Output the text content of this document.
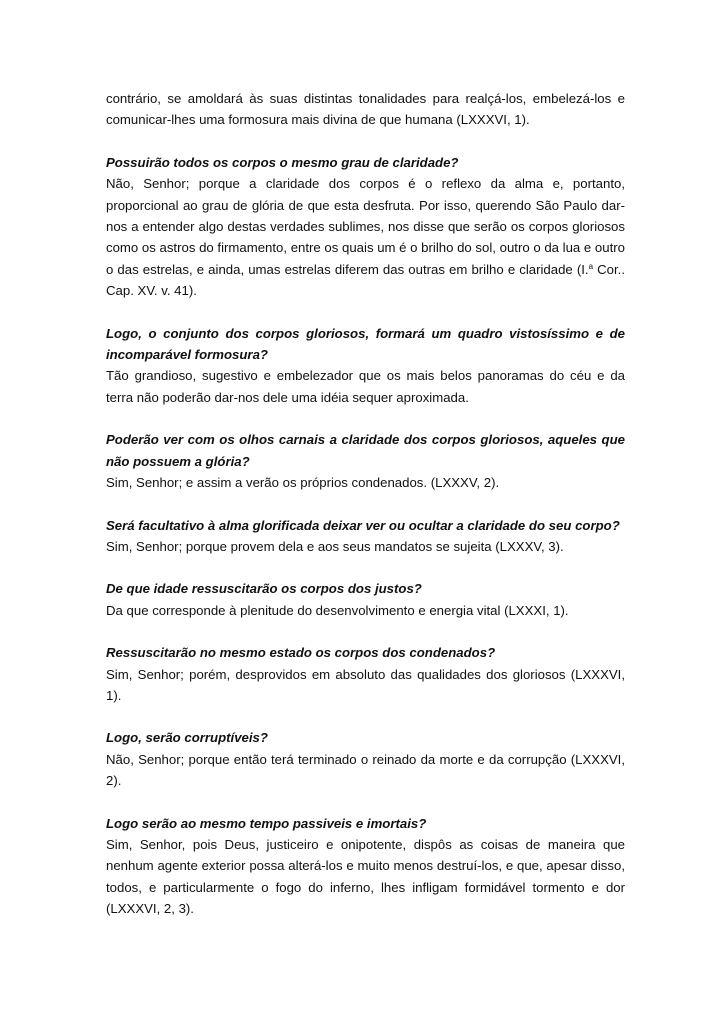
contrário, se amoldará às suas distintas tonalidades para realçá-los, embelezá-los e comunicar-lhes uma formosura mais divina de que humana (LXXXVI, 1).

Possuirão todos os corpos o mesmo grau de claridade?

Não, Senhor; porque a claridade dos corpos é o reflexo da alma e, portanto, proporcional ao grau de glória de que esta desfruta. Por isso, querendo São Paulo dar-nos a entender algo destas verdades sublimes, nos disse que serão os corpos gloriosos como os astros do firmamento, entre os quais um é o brilho do sol, outro o da lua e outro o das estrelas, e ainda, umas estrelas diferem das outras em brilho e claridade (I.$^a$ Cor.. Cap. XV. v. 41).

Logo, o conjunto dos corpos gloriosos, formará um quadro vistosíssimo e de incomparável formosura?

Tão grandioso, sugestivo e embelezador que os mais belos panoramas do céu e da terra não poderão dar-nos dele uma idéia sequer aproximada.

Poderão ver com os olhos carnais a claridade dos corpos gloriosos, aqueles que não possuem a glória?

Sim, Senhor; e assim a verão os próprios condenados. (LXXXV, 2).

Será facultativo à alma glorificada deixar ver ou ocultar a claridade do seu corpo?

Sim, Senhor; porque provem dela e aos seus mandatos se sujeita (LXXXV, 3).

De que idade ressuscitarão os corpos dos justos?

Da que corresponde à plenitude do desenvolvimento e energia vital (LXXXI, 1).

Ressuscitarão no mesmo estado os corpos dos condenados?

Sim, Senhor; porém, desprovidos em absoluto das qualidades dos gloriosos (LXXXVI, 1).

Logo, serão corruptíveis?

Não, Senhor; porque então terá terminado o reinado da morte e da corrupção (LXXXVI, 2).

Logo serão ao mesmo tempo passiveis e imortais?

Sim, Senhor, pois Deus, justiceiro e onipotente, dispôs as coisas de maneira que nenhum agente exterior possa alterá-los e muito menos destruí-los, e que, apesar disso, todos, e particularmente o fogo do inferno, lhes infligam formidável tormento e dor (LXXXVI, 2, 3).
